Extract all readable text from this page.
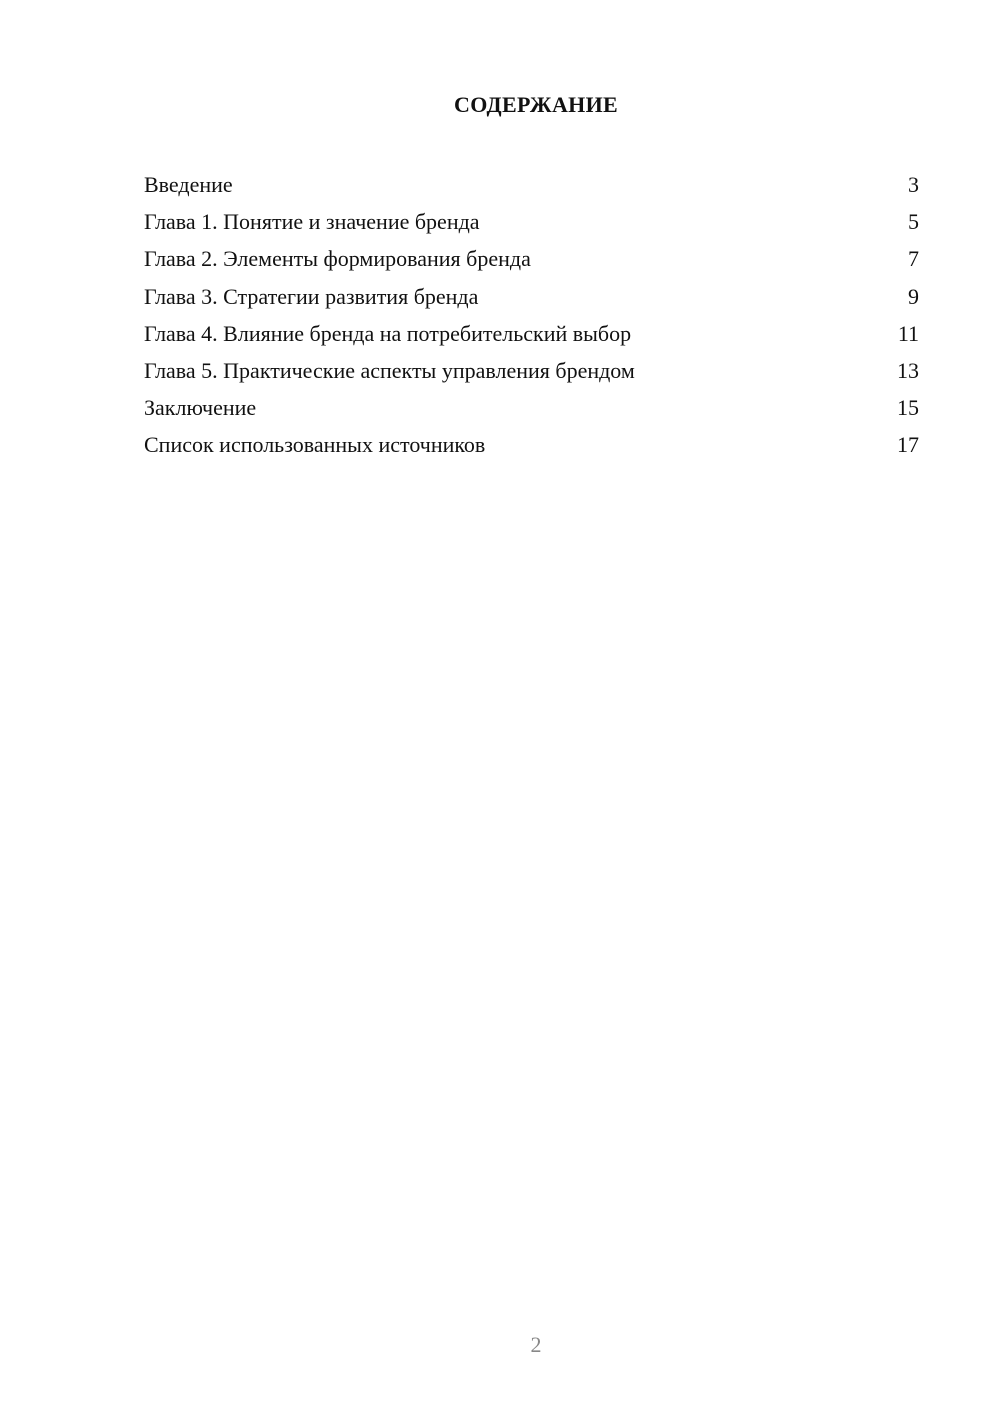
СОДЕРЖАНИЕ
Введение	3
Глава 1. Понятие и значение бренда	5
Глава 2. Элементы формирования бренда	7
Глава 3. Стратегии развития бренда	9
Глава 4. Влияние бренда на потребительский выбор	11
Глава 5. Практические аспекты управления брендом	13
Заключение	15
Список использованных источников	17
2
